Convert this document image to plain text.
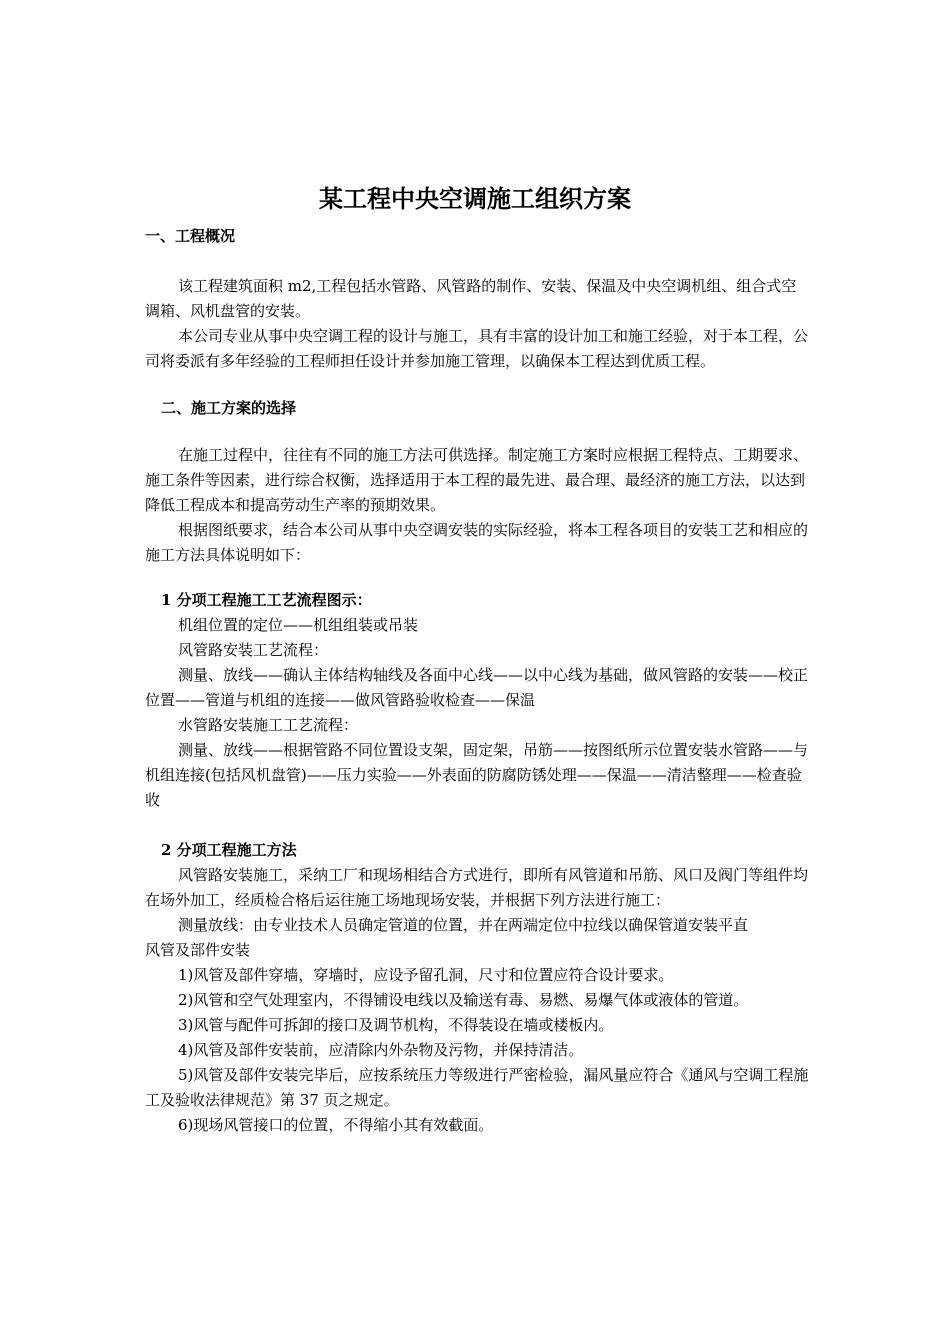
某工程中央空调施工组织方案

一、工程概况

该工程建筑面积 m2,工程包括水管路、风管路的制作、安装、保温及中央空调机组、组合式空调箱、风机盘管的安装。

本公司专业从事中央空调工程的设计与施工，具有丰富的设计加工和施工经验，对于本工程，公司将委派有多年经验的工程师担任设计并参加施工管理，以确保本工程达到优质工程。

二、施工方案的选择

在施工过程中，往往有不同的施工方法可供选择。制定施工方案时应根据工程特点、工期要求、施工条件等因素，进行综合权衡，选择适用于本工程的最先进、最合理、最经济的施工方法，以达到降低工程成本和提高劳动生产率的预期效果。

根据图纸要求，结合本公司从事中央空调安装的实际经验，将本工程各项目的安装工艺和相应的施工方法具体说明如下：

1 分项工程施工工艺流程图示：

机组位置的定位——机组组装或吊装

风管路安装工艺流程：

测量、放线——确认主体结构轴线及各面中心线——以中心线为基础，做风管路的安装——校正位置——管道与机组的连接——做风管路验收检查——保温

水管路安装施工工艺流程：

测量、放线——根据管路不同位置设支架，固定架，吊筋——按图纸所示位置安装水管路——与机组连接(包括风机盘管)——压力实验——外表面的防腐防锈处理——保温——清洁整理——检查验收

2 分项工程施工方法

风管路安装施工，采纳工厂和现场相结合方式进行，即所有风管道和吊筋、风口及阀门等组件均在场外加工，经质检合格后运往施工场地现场安装，并根据下列方法进行施工：

测量放线：由专业技术人员确定管道的位置，并在两端定位中拉线以确保管道安装平直

风管及部件安装

1)风管及部件穿墙，穿墙时，应设予留孔洞，尺寸和位置应符合设计要求。

2)风管和空气处理室内，不得铺设电线以及输送有毒、易燃、易爆气体或液体的管道。

3)风管与配件可拆卸的接口及调节机构，不得装设在墙或楼板内。

4)风管及部件安装前，应清除内外杂物及污物，并保持清洁。

5)风管及部件安装完毕后，应按系统压力等级进行严密检验，漏风量应符合《通风与空调工程施工及验收法律规范》第 37 页之规定。

6)现场风管接口的位置，不得缩小其有效截面。
